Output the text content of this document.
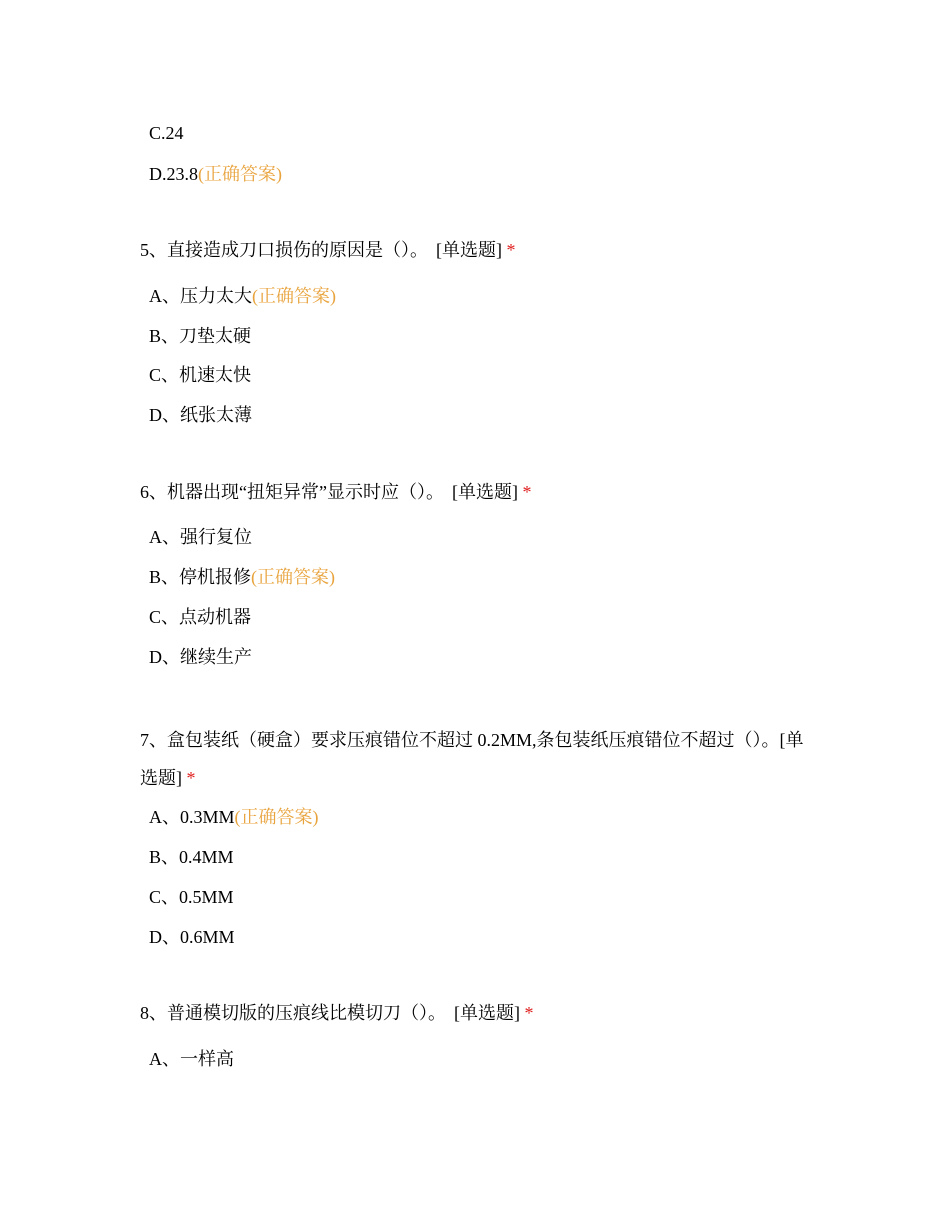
C.24
D.23.8(正确答案)
5、直接造成刀口损伤的原因是（）。 [单选题] *
A、压力太大(正确答案)
B、刀垫太硬
C、机速太快
D、纸张太薄
6、机器出现“扭矩异常”显示时应（）。 [单选题] *
A、强行复位
B、停机报修(正确答案)
C、点动机器
D、继续生产
7、盒包装纸（硬盒）要求压痕错位不超过 0.2MM,条包装纸压痕错位不超过（）。[单选题] *
A、0.3MM(正确答案)
B、0.4MM
C、0.5MM
D、0.6MM
8、普通模切版的压痕线比模切刀（）。 [单选题] *
A、一样高
